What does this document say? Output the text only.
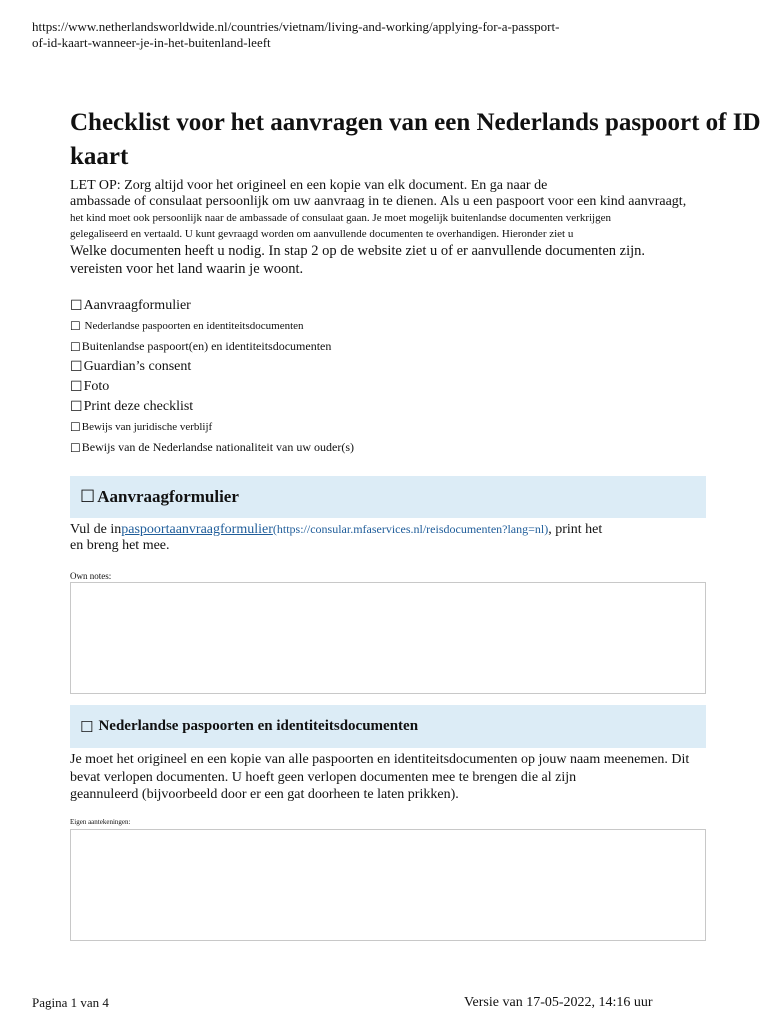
https://www.netherlandsworldwide.nl/countries/vietnam/living-and-working/applying-for-a-passport-
of-id-kaart-wanneer-je-in-het-buitenland-leeft
Checklist voor het aanvragen van een Nederlands paspoort of ID
kaart
LET OP: Zorg altijd voor het origineel en een kopie van elk document. En ga naar de
ambassade of consulaat persoonlijk om uw aanvraag in te dienen. Als u een paspoort voor een kind aanvraagt,
het kind moet ook persoonlijk naar de ambassade of consulaat gaan. Je moet mogelijk buitenlandse documenten verkrijgen
gelegaliseerd en vertaald. U kunt gevraagd worden om aanvullende documenten te overhandigen. Hieronder ziet u
Welke documenten heeft u nodig. In stap 2 op de website ziet u of er aanvullende documenten zijn.
vereisten voor het land waarin je woont.
☐ Aanvraagformulier
☐ Nederlandse paspoorten en identiteitsdocumenten
☐ Buitenlandse paspoort(en) en identiteitsdocumenten
☐ Guardian’s consent
☐ Foto
☐ Print deze checklist
☐ Bewijs van juridische verblijf
☐ Bewijs van de Nederlandse nationaliteit van uw ouder(s)
☐ Aanvraagformulier
Vul de inpaspoortaanvraagformulier(https://consular.mfaservices.nl/reisdocumenten?lang=nl), print het
en breng het mee.
Own notes:
☐ Nederlandse paspoorten en identiteitsdocumenten
Je moet het origineel en een kopie van alle paspoorten en identiteitsdocumenten op jouw naam meenemen. Dit
bevat verlopen documenten. U hoeft geen verlopen documenten mee te brengen die al zijn
geannuleerd (bijvoorbeeld door er een gat doorheen te laten prikken).
Eigen aantekeningen:
Pagina 1 van 4	Versie van 17-05-2022, 14:16 uur
